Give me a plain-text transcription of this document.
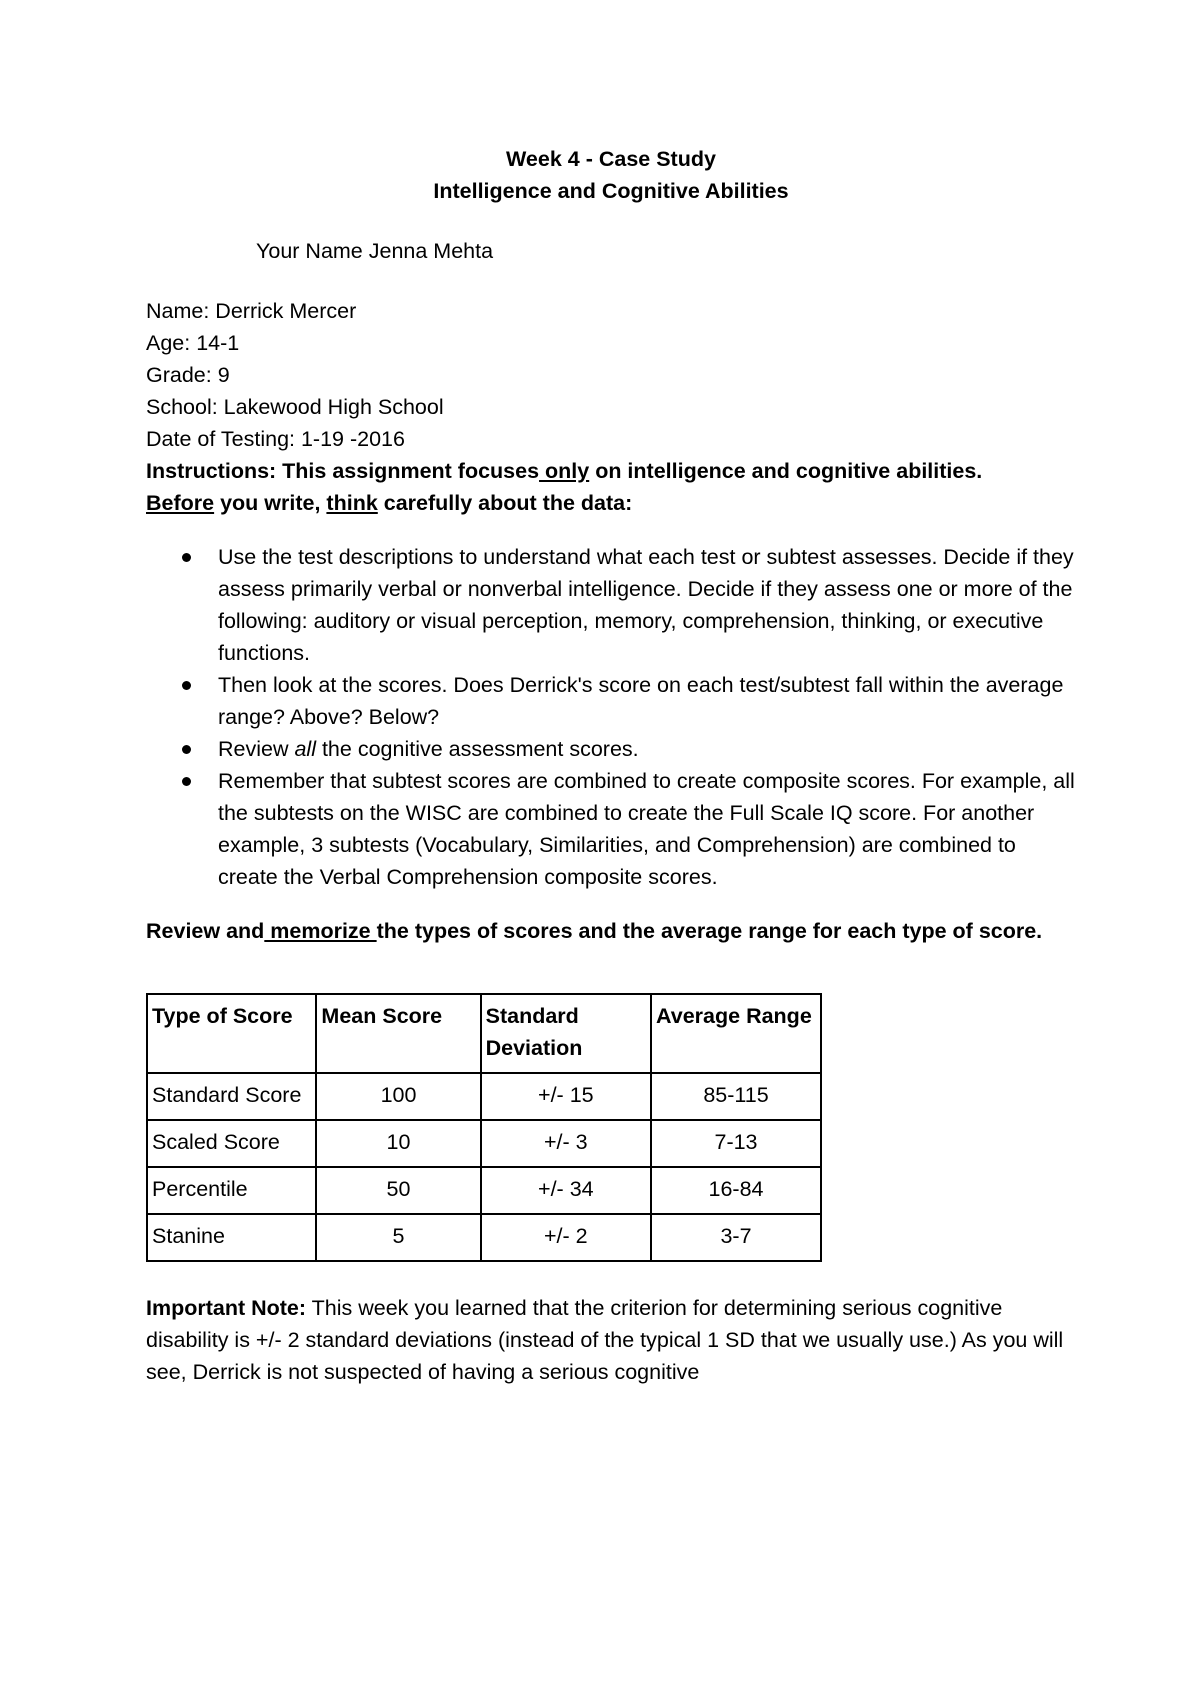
Week 4 - Case Study

Intelligence and Cognitive Abilities

Your Name Jenna Mehta

Name: Derrick Mercer

Age: 14-1

Grade: 9

School: Lakewood High School

Date of Testing: 1-19 -2016

Instructions: This assignment focuses only on intelligence and cognitive abilities.

Before you write, think carefully about the data:

Use the test descriptions to understand what each test or subtest assesses. Decide if they assess primarily verbal or nonverbal intelligence. Decide if they assess one or more of the following: auditory or visual perception, memory, comprehension, thinking, or executive functions.
Then look at the scores. Does Derrick's score on each test/subtest fall within the average range? Above? Below?
Review all the cognitive assessment scores.
Remember that subtest scores are combined to create composite scores. For example, all the subtests on the WISC are combined to create the Full Scale IQ score. For another example, 3 subtests (Vocabulary, Similarities, and Comprehension) are combined to create the Verbal Comprehension composite scores.

Review and memorize the types of scores and the average range for each type of score.

Type of Score	Mean Score	Standard Deviation	Average Range
Standard Score	100	+/- 15	85-115
Scaled Score	10	+/- 3	7-13
Percentile	50	+/- 34	16-84
Stanine	5	+/- 2	3-7

Important Note: This week you learned that the criterion for determining serious cognitive disability is +/- 2 standard deviations (instead of the typical 1 SD that we usually use.) As you will see, Derrick is not suspected of having a serious cognitive
